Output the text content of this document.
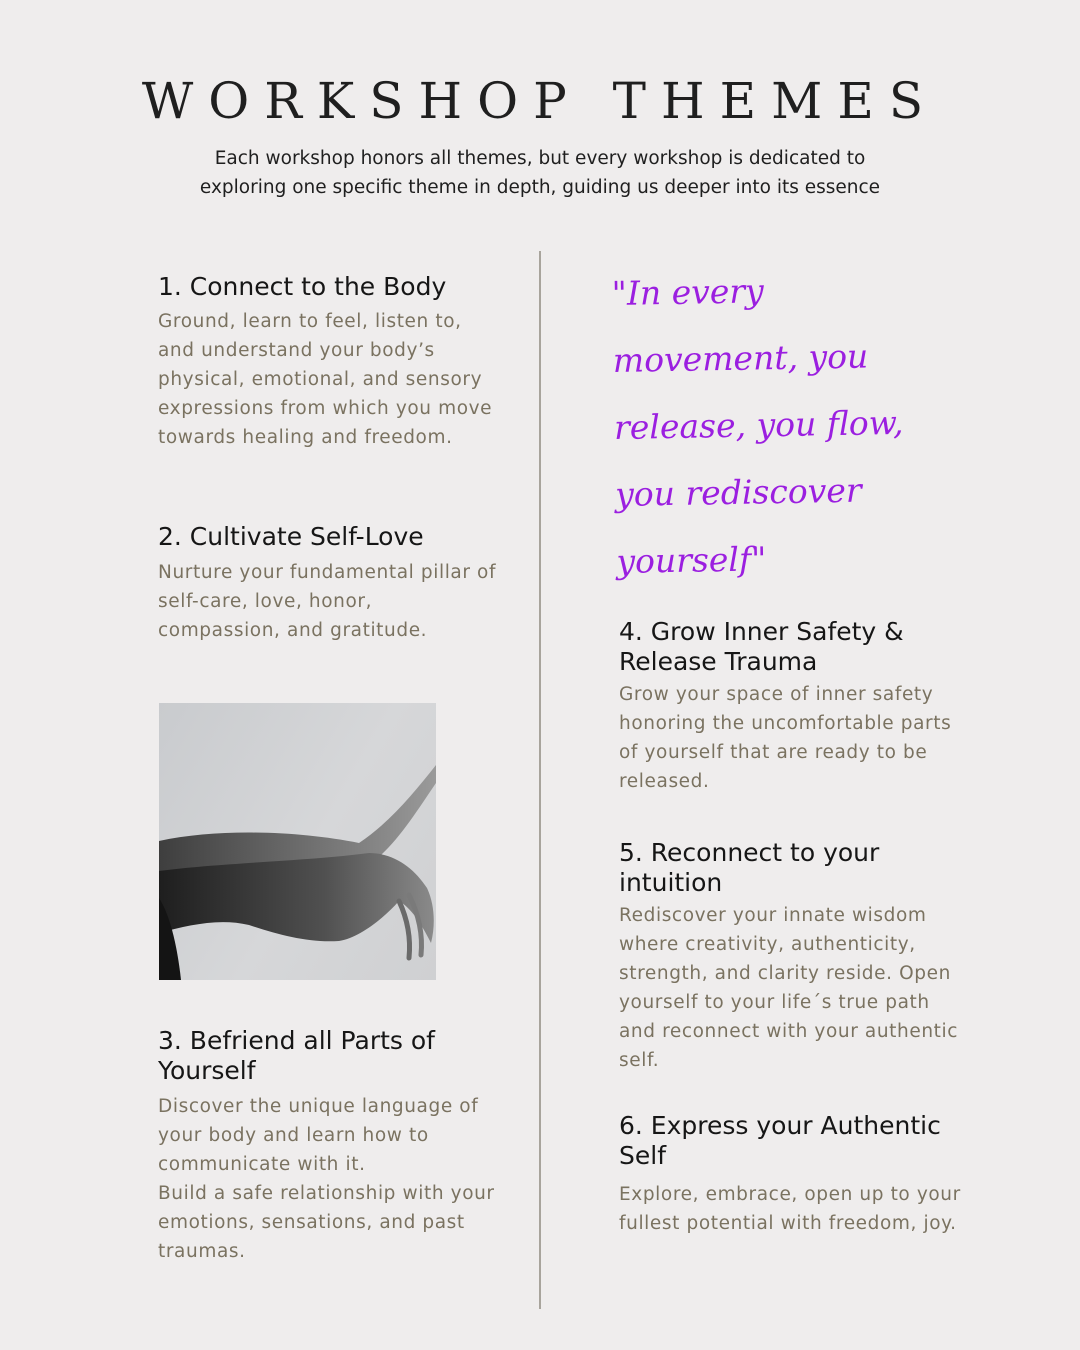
WORKSHOP THEMES

Each workshop honors all themes, but every workshop is dedicated to
exploring one specific theme in depth, guiding us deeper into its essence

1. Connect to the Body

Ground, learn to feel, listen to, and understand your body’s physical, emotional, and sensory expressions from which you move towards healing and freedom.

2. Cultivate Self-Love

Nurture your fundamental pillar of self-care, love, honor, compassion, and gratitude.

3. Befriend all Parts of Yourself

Discover the unique language of your body and learn how to communicate with it.
Build a safe relationship with your emotions, sensations, and past traumas.

"In every movement, you release, you flow, you rediscover yourself"

4. Grow Inner Safety & Release Trauma

Grow your space of inner safety honoring the uncomfortable parts of yourself that are ready to be released.

5. Reconnect to your intuition

Rediscover your innate wisdom where creativity, authenticity, strength, and clarity reside. Open yourself to your life´s true path and reconnect with your authentic self.

6. Express your Authentic Self

Explore, embrace, open up to your fullest potential with freedom, joy.
